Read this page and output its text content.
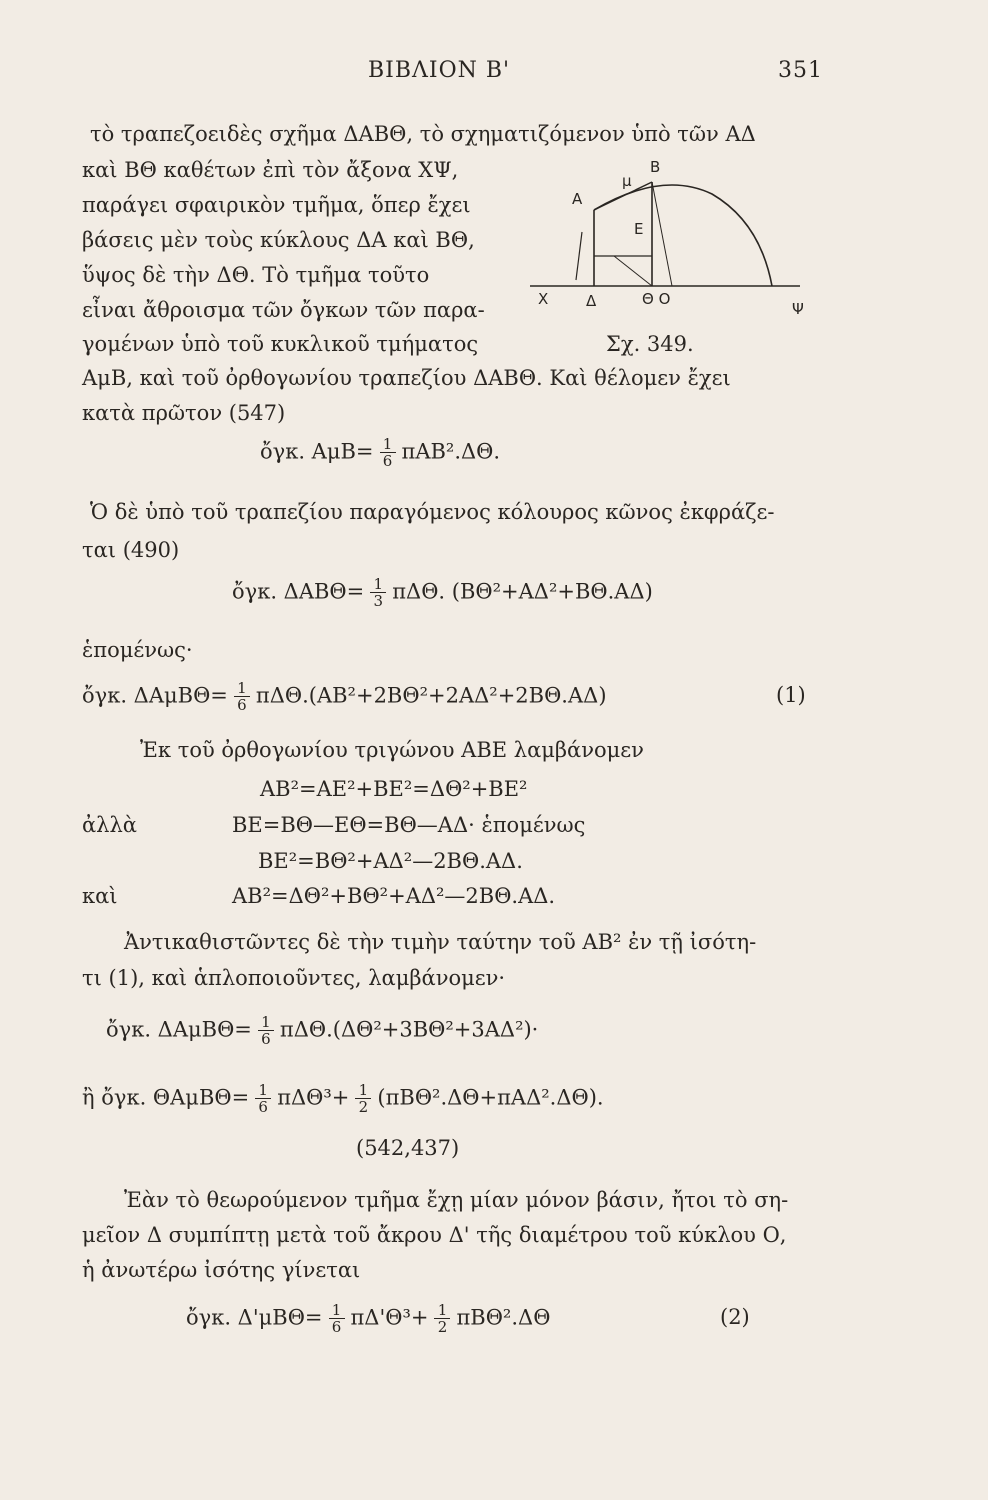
ΒΙΒΛΙΟΝ Β'	351
τὸ τραπεζοειδὲς σχῆμα ΔΑΒΘ, τὸ σχηματιζόμενον ὑπὸ τῶν ΑΔ
καὶ ΒΘ καθέτων ἐπὶ τὸν ἄξονα ΧΨ,
παράγει σφαιρικὸν τμῆμα, ὅπερ ἔχει
βάσεις μὲν τοὺς κύκλους ΔΑ καὶ ΒΘ,
ὕψος δὲ τὴν ΔΘ. Τὸ τμῆμα τοῦτο
εἶναι ἄθροισμα τῶν ὄγκων τῶν παρα-
γομένων ὑπὸ τοῦ κυκλικοῦ τμήματος
ΑμΒ, καὶ τοῦ ὀρθογωνίου τραπεζίου ΔΑΒΘ. Καὶ θέλομεν ἔχει
κατὰ πρῶτον (547)
Α
μ
Β
Ε
Χ	Δ	Θ Ο
Ψ
Σχ. 349.
ὄγκ. $A\mu B= \frac{1}{6} \pi AB^2.\Delta\Theta$.
Ὁ δὲ ὑπὸ τοῦ τραπεζίου παραγόμενος κόλουρος κῶνος ἐκφράζε-
ται (490)
ὄγκ. $\Delta AB\Theta= \frac{1}{3} \pi\Delta\Theta$. (ΒΘ²+ΑΔ²+ΒΘ.ΑΔ)
ἑπομένως·
ὄγκ. $\Delta A\mu B\Theta= \frac{1}{6} \pi\Delta\Theta.(AB^2+2B\Theta^2+2A\Delta^2+2B\Theta.A\Delta)$	(1)
Ἐκ τοῦ ὀρθογωνίου τριγώνου ΑΒΕ λαμβάνομεν
ΑΒ²=ΑΕ²+ΒΕ²=ΔΘ²+ΒΕ²
ἀλλὰ	ΒΕ=ΒΘ—ΕΘ=ΒΘ—ΑΔ· ἑπομένως
ΒΕ²=ΒΘ²+ΑΔ²—2ΒΘ.ΑΔ.
καὶ	ΑΒ²=ΔΘ²+ΒΘ²+ΑΔ²—2ΒΘ.ΑΔ.
Ἀντικαθιστῶντες δὲ τὴν τιμὴν ταύτην τοῦ ΑΒ² ἐν τῇ ἰσότη-
τι (1), καὶ ἁπλοποιοῦντες, λαμβάνομεν·
ὄγκ. $\Delta A\mu B\Theta= \frac{1}{6} \pi\Delta\Theta.(\Delta\Theta^2+3B\Theta^2+3A\Delta^2)\cdot$
ἢ ὄγκ. $\Theta A\mu B\Theta= \frac{1}{6} \pi\Delta\Theta^3+ \frac{1}{2} (\pi B\Theta^2.\Delta\Theta+\pi A\Delta^2.\Delta\Theta)$.
(542,437)
Ἐὰν τὸ θεωρούμενον τμῆμα ἔχῃ μίαν μόνον βάσιν, ἤτοι τὸ ση-
μεῖον Δ συμπίπτῃ μετὰ τοῦ ἄκρου Δ' τῆς διαμέτρου τοῦ κύκλου Ο,
ἡ ἀνωτέρω ἰσότης γίνεται
ὄγκ. $\Delta'\mu B\Theta= \frac{1}{6} \pi\Delta'\Theta^3+ \frac{1}{2} \pi B\Theta^2.\Delta\Theta$	(2)
